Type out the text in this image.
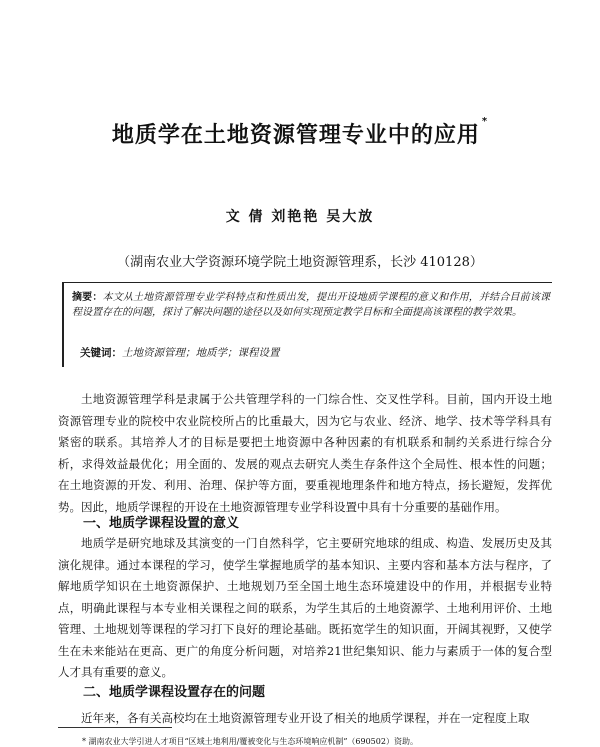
地质学在土地资源管理专业中的应用*
文 倩 刘艳艳 吴大放
（湖南农业大学资源环境学院土地资源管理系，长沙 410128）
摘要：本文从土地资源管理专业学科特点和性质出发，提出开设地质学课程的意义和作用，并结合目前该课程设置存在的问题，探讨了解决问题的途径以及如何实现预定教学目标和全面提高该课程的教学效果。
关键词：土地资源管理；地质学；课程设置
土地资源管理学科是隶属于公共管理学科的一门综合性、交叉性学科。目前，国内开设土地资源管理专业的院校中农业院校所占的比重最大，因为它与农业、经济、地学、技术等学科具有紧密的联系。其培养人才的目标是要把土地资源中各种因素的有机联系和制约关系进行综合分析，求得效益最优化；用全面的、发展的观点去研究人类生存条件这个全局性、根本性的问题；在土地资源的开发、利用、治理、保护等方面，要重视地理条件和地方特点，扬长避短，发挥优势。因此，地质学课程的开设在土地资源管理专业学科设置中具有十分重要的基础作用。
一、地质学课程设置的意义
地质学是研究地球及其演变的一门自然科学，它主要研究地球的组成、构造、发展历史及其演化规律。通过本课程的学习，使学生掌握地质学的基本知识、主要内容和基本方法与程序，了解地质学知识在土地资源保护、土地规划乃至全国土地生态环境建设中的作用，并根据专业特点，明确此课程与本专业相关课程之间的联系，为学生其后的土地资源学、土地利用评价、土地管理、土地规划等课程的学习打下良好的理论基础。既拓宽学生的知识面，开阔其视野，又使学生在未来能站在更高、更广的角度分析问题，对培养21世纪集知识、能力与素质于一体的复合型人才具有重要的意义。
二、地质学课程设置存在的问题
近年来，各有关高校均在土地资源管理专业开设了相关的地质学课程，并在一定程度上取
* 湖南农业大学引进人才项目“区域土地利用/覆被变化与生态环境响应机制”（690502）资助。
